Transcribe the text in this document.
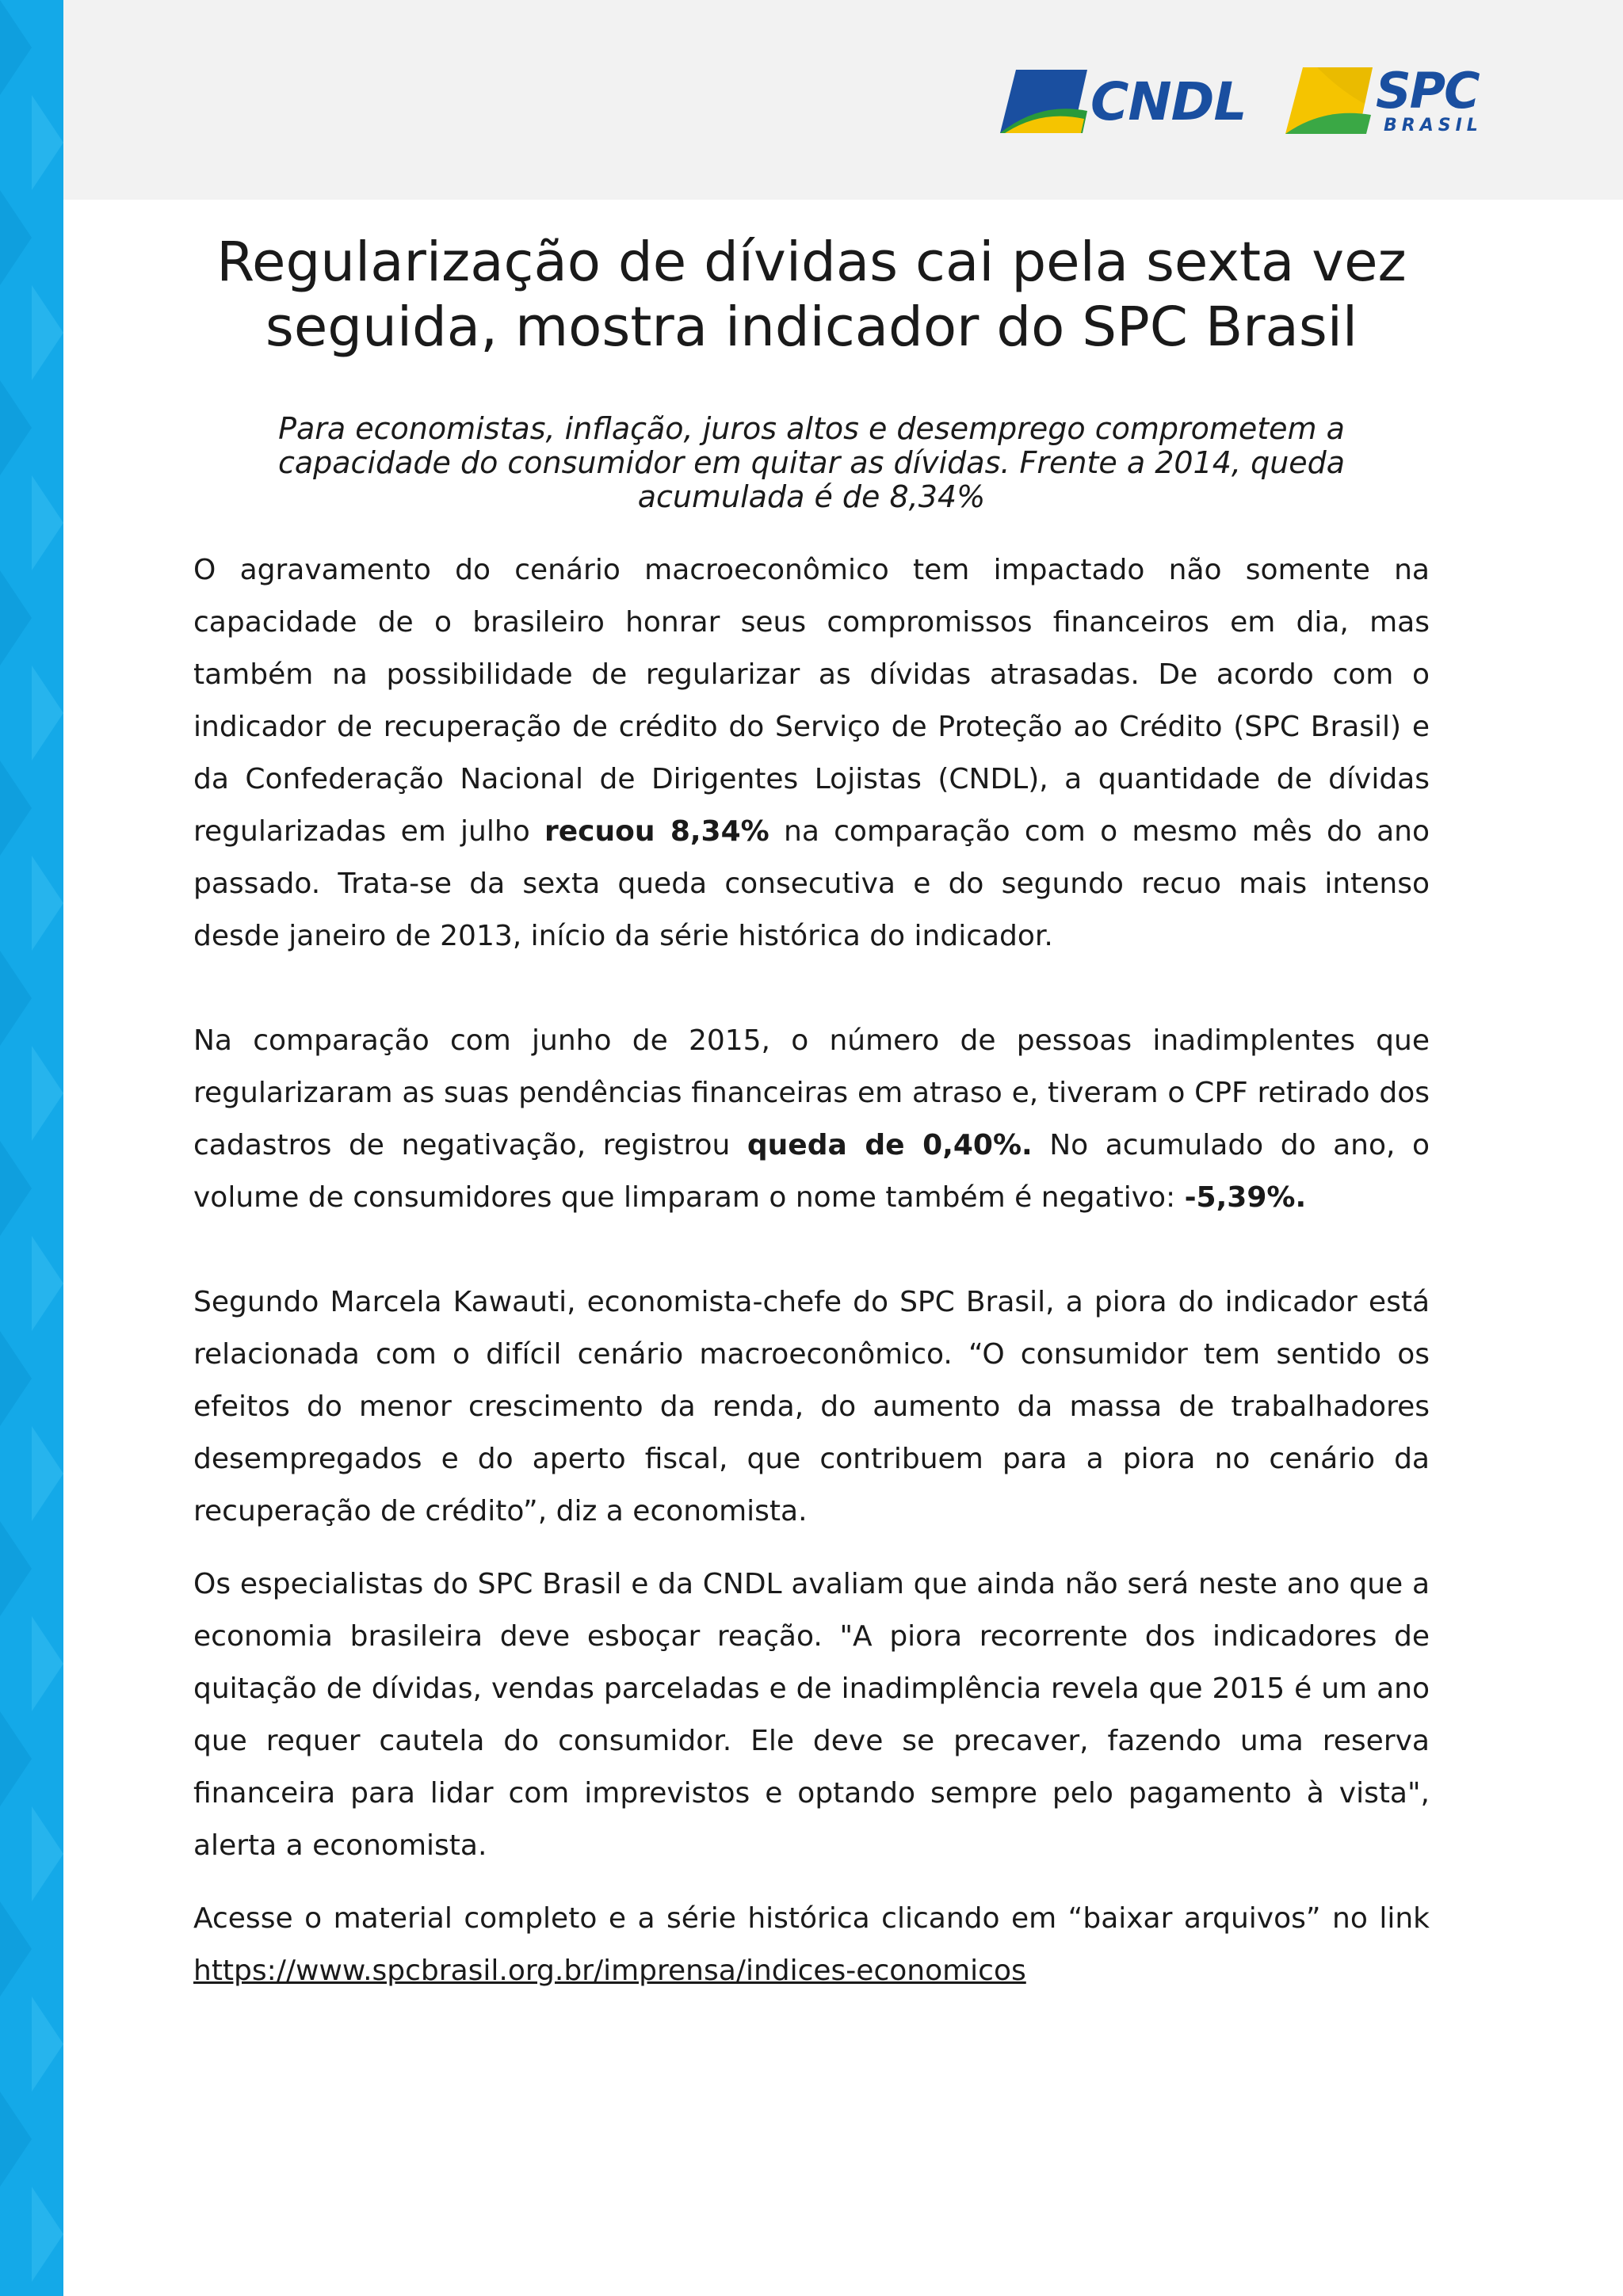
CNDL	SPC
BRASIL
Regularização de dívidas cai pela sexta vez seguida, mostra indicador do SPC Brasil

Para economistas, inflação, juros altos e desemprego comprometem a capacidade do consumidor em quitar as dívidas. Frente a 2014, queda acumulada é de 8,34%

O agravamento do cenário macroeconômico tem impactado não somente na capacidade de o brasileiro honrar seus compromissos financeiros em dia, mas também na possibilidade de regularizar as dívidas atrasadas. De acordo com o indicador de recuperação de crédito do Serviço de Proteção ao Crédito (SPC Brasil) e da Confederação Nacional de Dirigentes Lojistas (CNDL), a quantidade de dívidas regularizadas em julho recuou 8,34% na comparação com o mesmo mês do ano passado. Trata-se da sexta queda consecutiva e do segundo recuo mais intenso desde janeiro de 2013, início da série histórica do indicador.

Na comparação com junho de 2015, o número de pessoas inadimplentes que regularizaram as suas pendências financeiras em atraso e, tiveram o CPF retirado dos cadastros de negativação, registrou queda de 0,40%. No acumulado do ano, o volume de consumidores que limparam o nome também é negativo: -5,39%.

Segundo Marcela Kawauti, economista-chefe do SPC Brasil, a piora do indicador está relacionada com o difícil cenário macroeconômico. “O consumidor tem sentido os efeitos do menor crescimento da renda, do aumento da massa de trabalhadores desempregados e do aperto fiscal, que contribuem para a piora no cenário da recuperação de crédito”, diz a economista.

Os especialistas do SPC Brasil e da CNDL avaliam que ainda não será neste ano que a economia brasileira deve esboçar reação. "A piora recorrente dos indicadores de quitação de dívidas, vendas parceladas e de inadimplência revela que 2015 é um ano que requer cautela do consumidor. Ele deve se precaver, fazendo uma reserva financeira para lidar com imprevistos e optando sempre pelo pagamento à vista", alerta a economista.

Acesse o material completo e a série histórica clicando em “baixar arquivos” no link https://www.spcbrasil.org.br/imprensa/indices-economicos
